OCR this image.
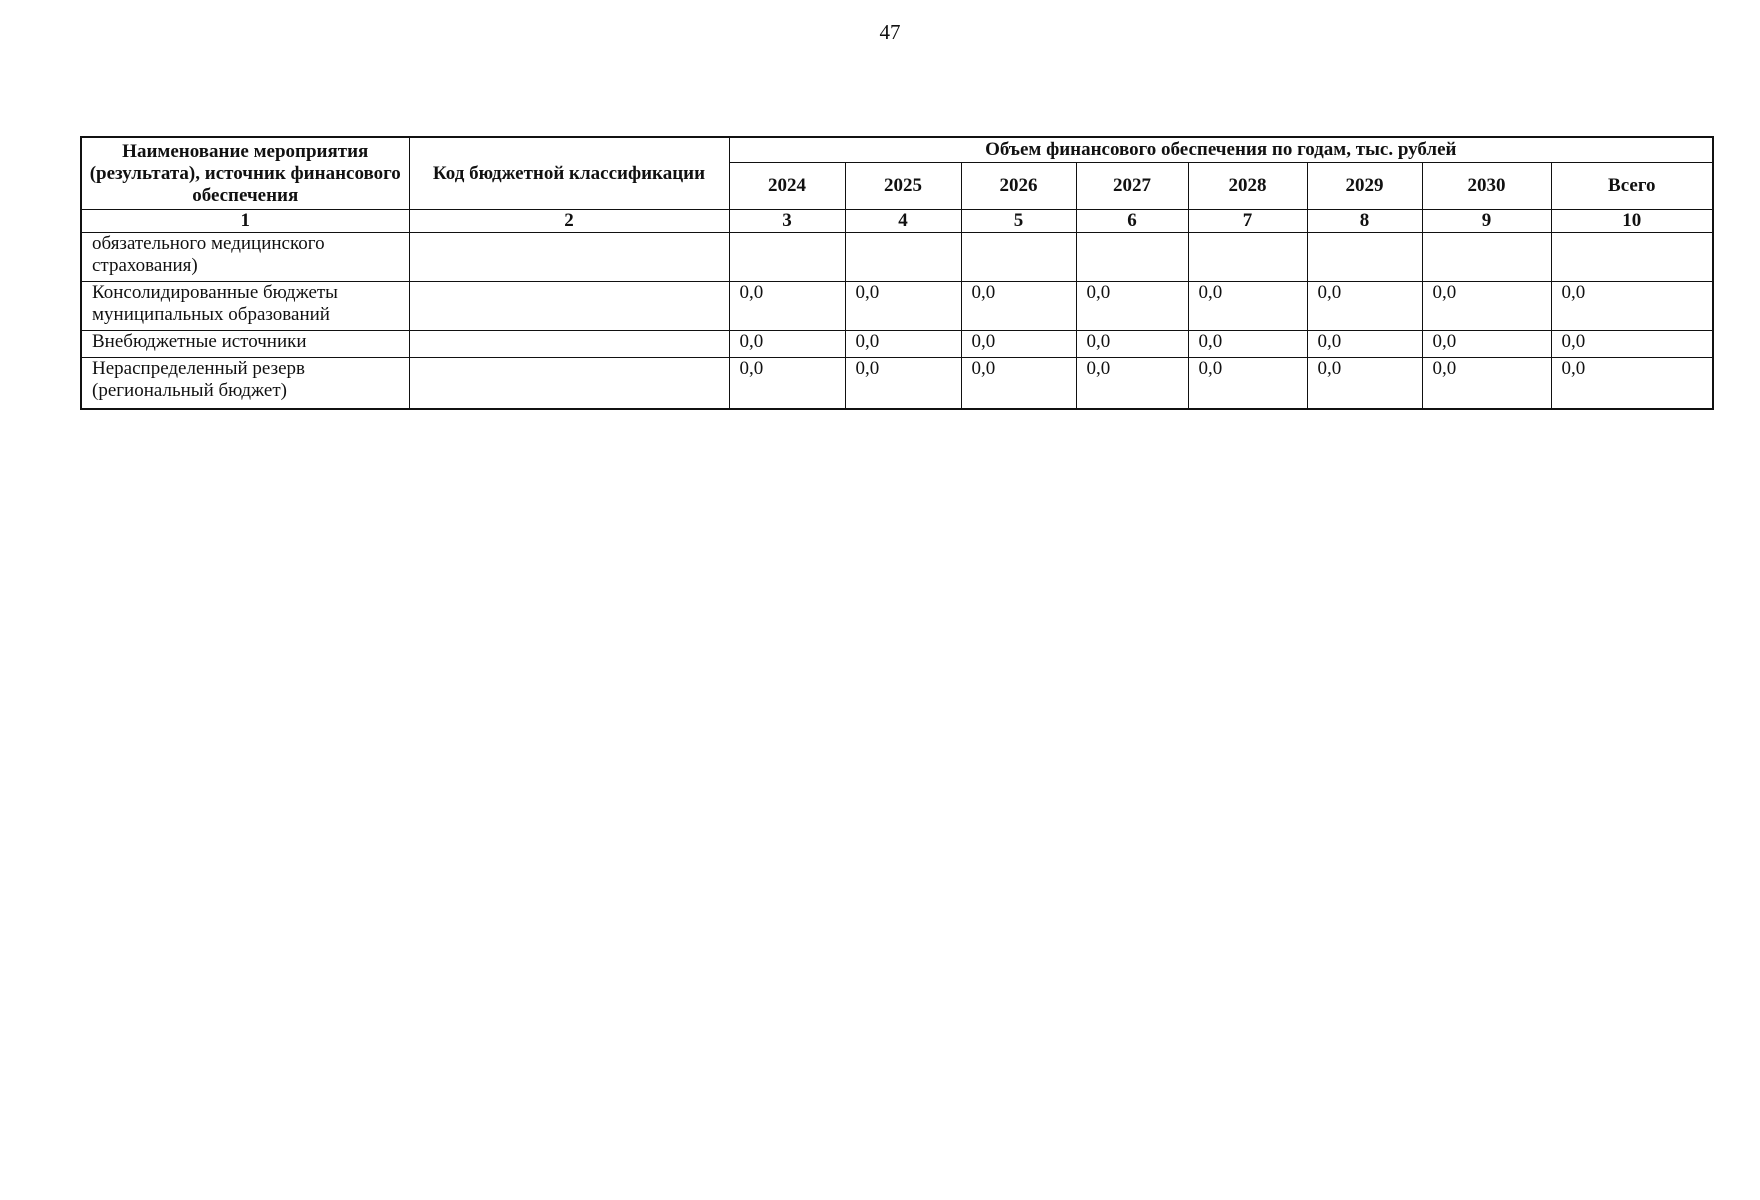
47
Наименование мероприятия (результата), источник финансового обеспечения	Код бюджетной классификации	Объем финансового обеспечения по годам, тыс. рублей							
		2024	2025	2026	2027	2028	2029	2030	Всего
1	2	3	4	5	6	7	8	9	10
обязательного медицинского страхования)									
Консолидированные бюджеты муниципальных образований		0,0	0,0	0,0	0,0	0,0	0,0	0,0	0,0
Внебюджетные источники		0,0	0,0	0,0	0,0	0,0	0,0	0,0	0,0
Нераспределенный резерв (региональный бюджет)		0,0	0,0	0,0	0,0	0,0	0,0	0,0	0,0
